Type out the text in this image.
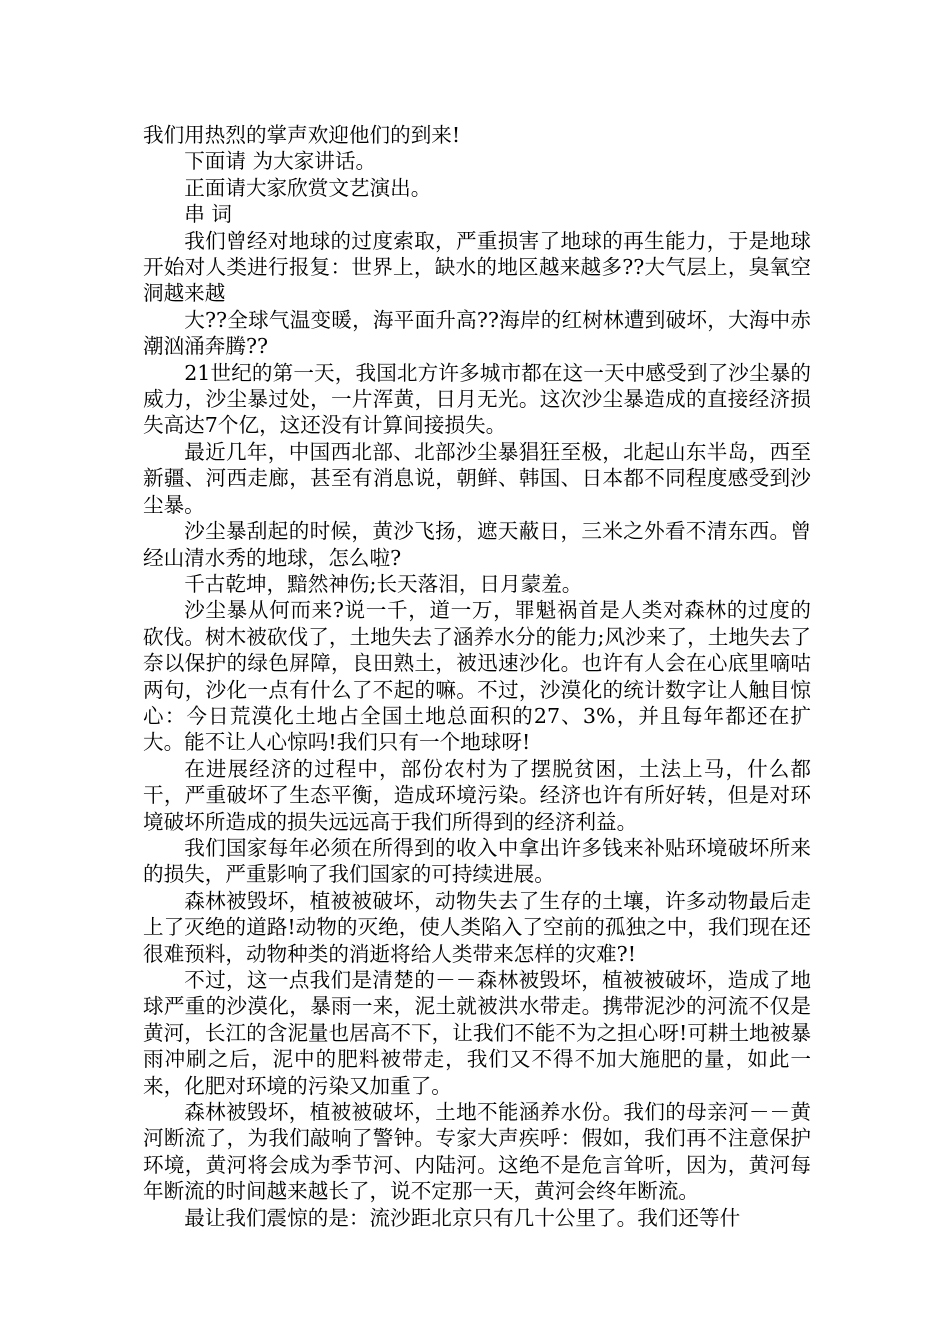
我们用热烈的掌声欢迎他们的到来!

下面请 为大家讲话。

正面请大家欣赏文艺演出。

串 词

我们曾经对地球的过度索取，严重损害了地球的再生能力，于是地球开始对人类进行报复：世界上，缺水的地区越来越多??大气层上，臭氧空洞越来越

大??全球气温变暖，海平面升高??海岸的红树林遭到破坏，大海中赤潮汹涌奔腾??

21世纪的第一天，我国北方许多城市都在这一天中感受到了沙尘暴的威力，沙尘暴过处，一片浑黄，日月无光。这次沙尘暴造成的直接经济损失高达7个亿，这还没有计算间接损失。

最近几年，中国西北部、北部沙尘暴猖狂至极，北起山东半岛，西至新疆、河西走廊，甚至有消息说，朝鲜、韩国、日本都不同程度感受到沙尘暴。

沙尘暴刮起的时候，黄沙飞扬，遮天蔽日，三米之外看不清东西。曾经山清水秀的地球，怎么啦?

千古乾坤，黯然神伤;长天落泪，日月蒙羞。

沙尘暴从何而来?说一千，道一万，罪魁祸首是人类对森林的过度的砍伐。树木被砍伐了，土地失去了涵养水分的能力;风沙来了，土地失去了奈以保护的绿色屏障，良田熟土，被迅速沙化。也许有人会在心底里嘀咕两句，沙化一点有什么了不起的嘛。不过，沙漠化的统计数字让人触目惊心：今日荒漠化土地占全国土地总面积的27、3%，并且每年都还在扩大。能不让人心惊吗!我们只有一个地球呀!

在进展经济的过程中，部份农村为了摆脱贫困，土法上马，什么都干，严重破坏了生态平衡，造成环境污染。经济也许有所好转，但是对环境破坏所造成的损失远远高于我们所得到的经济利益。

我们国家每年必须在所得到的收入中拿出许多钱来补贴环境破坏所来的损失，严重影响了我们国家的可持续进展。

森林被毁坏，植被被破坏，动物失去了生存的土壤，许多动物最后走上了灭绝的道路!动物的灭绝，使人类陷入了空前的孤独之中，我们现在还很难预料，动物种类的消逝将给人类带来怎样的灾难?!

不过，这一点我们是清楚的－－森林被毁坏，植被被破坏，造成了地球严重的沙漠化，暴雨一来，泥土就被洪水带走。携带泥沙的河流不仅是黄河，长江的含泥量也居高不下，让我们不能不为之担心呀!可耕土地被暴雨冲刷之后，泥中的肥料被带走，我们又不得不加大施肥的量，如此一来，化肥对环境的污染又加重了。

森林被毁坏，植被被破坏，土地不能涵养水份。我们的母亲河－－黄河断流了，为我们敲响了警钟。专家大声疾呼：假如，我们再不注意保护环境，黄河将会成为季节河、内陆河。这绝不是危言耸听，因为，黄河每年断流的时间越来越长了，说不定那一天，黄河会终年断流。

最让我们震惊的是：流沙距北京只有几十公里了。我们还等什
